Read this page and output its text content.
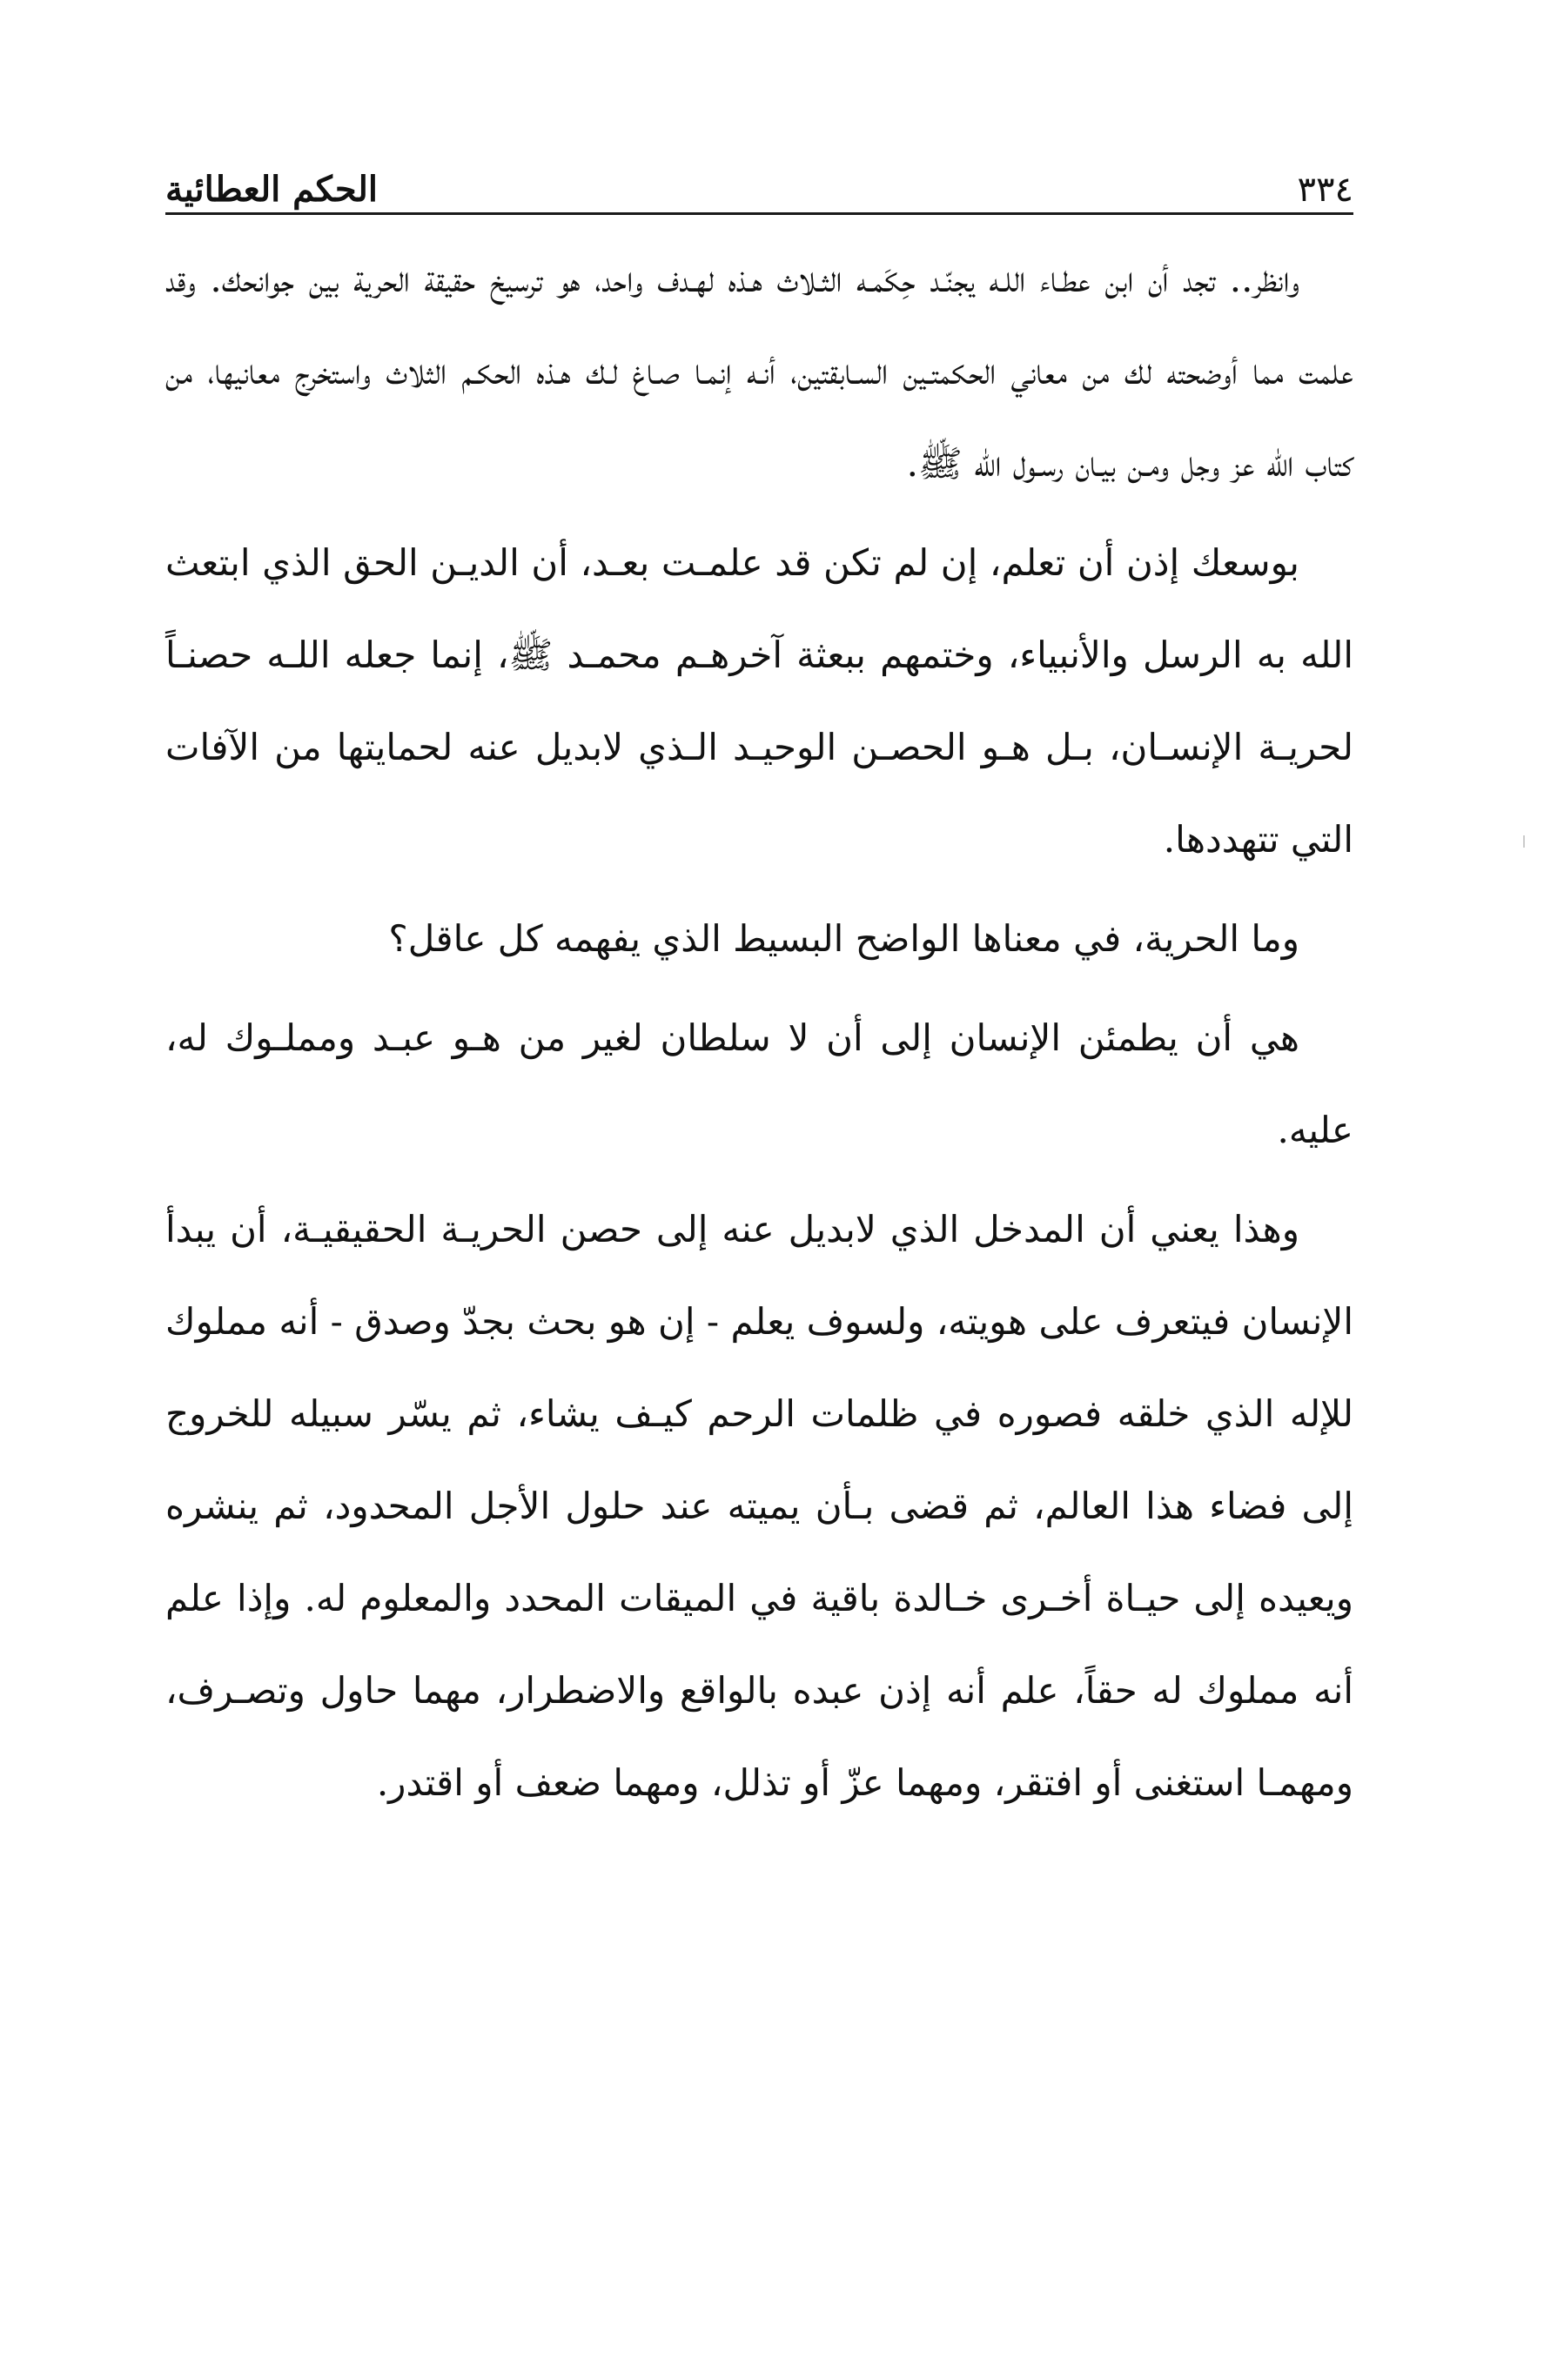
٣٣٤
الحكم العطائية

وانظر.. تجد أن ابن عطـاء اللـه يجنّـد حِكَمـه الثـلاث هـذه لهـدف واحد، هو ترسيخ حقيقة الحرية بين جوانحك. وقد علمت مما أوضحته لك من معاني الحكمتـين السـابقتين، أنـه إنمـا صـاغ لـك هـذه الحكـم الثلاث واستخرج معانيها، من كتاب الله عز وجل ومـن بيـان رسـول الله ﷺ.

بوسعك إذن أن تعلم، إن لم تكن قد علمـت بعـد، أن الديـن الحق الذي ابتعث الله به الرسل والأنبياء، وختمهم ببعثة آخرهـم محمـد ﷺ، إنما جعله اللـه حصنـاً لحريـة الإنسـان، بـل هـو الحصـن الوحيـد الـذي لابديل عنه لحمايتها من الآفات التي تتهددها.

وما الحرية، في معناها الواضح البسيط الذي يفهمه كل عاقل؟

هي أن يطمئن الإنسان إلى أن لا سلطان لغير من هـو عبـد ومملـوك له، عليه.

وهذا يعني أن المدخل الذي لابديل عنه إلى حصن الحريـة الحقيقيـة، أن يبدأ الإنسان فيتعرف على هويته، ولسوف يعلم - إن هو بحث بجدّ وصدق - أنه مملوك للإله الذي خلقه فصوره في ظلمات الرحم كيـف يشاء، ثم يسّر سبيله للخروج إلى فضاء هذا العالم، ثم قضى بـأن يميته عند حلول الأجل المحدود، ثم ينشره ويعيده إلى حيـاة أخـرى خـالدة باقية في الميقات المحدد والمعلوم له. وإذا علم أنه مملوك له حقاً، علم أنه إذن عبده بالواقع والاضطرار، مهما حاول وتصـرف، ومهمـا استغنى أو افتقر، ومهما عزّ أو تذلل، ومهما ضعف أو اقتدر.
